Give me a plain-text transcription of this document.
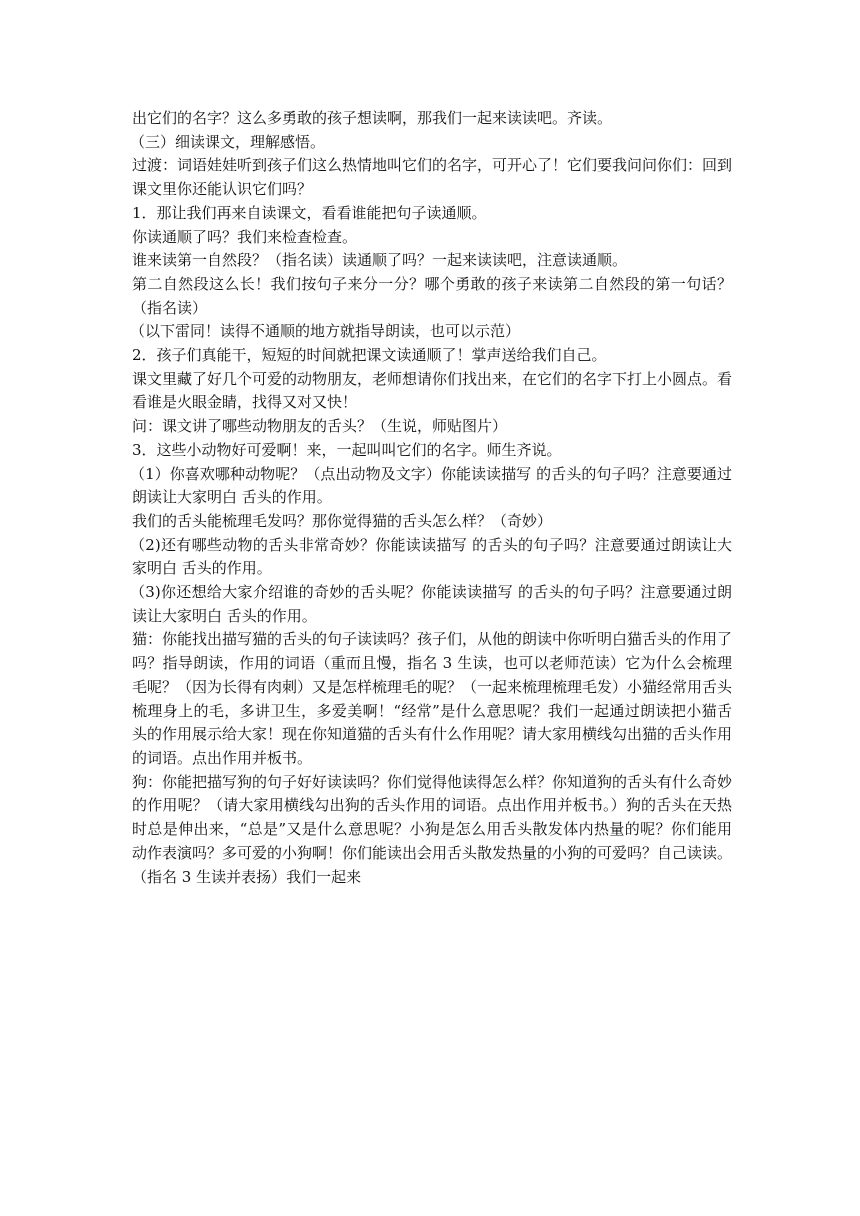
出它们的名字？这么多勇敢的孩子想读啊，那我们一起来读读吧。齐读。

（三）细读课文，理解感悟。

过渡：词语娃娃听到孩子们这么热情地叫它们的名字，可开心了！它们要我问问你们：回到课文里你还能认识它们吗？

1．那让我们再来自读课文，看看谁能把句子读通顺。

你读通顺了吗？我们来检查检查。

谁来读第一自然段？（指名读）读通顺了吗？一起来读读吧，注意读通顺。

第二自然段这么长！我们按句子来分一分？哪个勇敢的孩子来读第二自然段的第一句话？（指名读）

（以下雷同！读得不通顺的地方就指导朗读，也可以示范）

2．孩子们真能干，短短的时间就把课文读通顺了！掌声送给我们自己。

课文里藏了好几个可爱的动物朋友，老师想请你们找出来，在它们的名字下打上小圆点。看看谁是火眼金睛，找得又对又快！

问：课文讲了哪些动物朋友的舌头？（生说，师贴图片）

3．这些小动物好可爱啊！来，一起叫叫它们的名字。师生齐说。

（1）你喜欢哪种动物呢？（点出动物及文字）你能读读描写 的舌头的句子吗？注意要通过朗读让大家明白 舌头的作用。

我们的舌头能梳理毛发吗？那你觉得猫的舌头怎么样？（奇妙）

（2)还有哪些动物的舌头非常奇妙？你能读读描写 的舌头的句子吗？注意要通过朗读让大家明白 舌头的作用。

（3)你还想给大家介绍谁的奇妙的舌头呢？你能读读描写 的舌头的句子吗？注意要通过朗读让大家明白 舌头的作用。

猫：你能找出描写猫的舌头的句子读读吗？孩子们，从他的朗读中你听明白猫舌头的作用了吗？指导朗读，作用的词语（重而且慢，指名 3 生读，也可以老师范读）它为什么会梳理毛呢？（因为长得有肉刺）又是怎样梳理毛的呢？（一起来梳理梳理毛发）小猫经常用舌头梳理身上的毛，多讲卫生，多爱美啊！“经常”是什么意思呢？我们一起通过朗读把小猫舌头的作用展示给大家！现在你知道猫的舌头有什么作用呢？请大家用横线勾出猫的舌头作用的词语。点出作用并板书。

狗：你能把描写狗的句子好好读读吗？你们觉得他读得怎么样？你知道狗的舌头有什么奇妙的作用呢？（请大家用横线勾出狗的舌头作用的词语。点出作用并板书。）狗的舌头在天热时总是伸出来，“总是”又是什么意思呢？小狗是怎么用舌头散发体内热量的呢？你们能用动作表演吗？多可爱的小狗啊！你们能读出会用舌头散发热量的小狗的可爱吗？自己读读。（指名 3 生读并表扬）我们一起来
